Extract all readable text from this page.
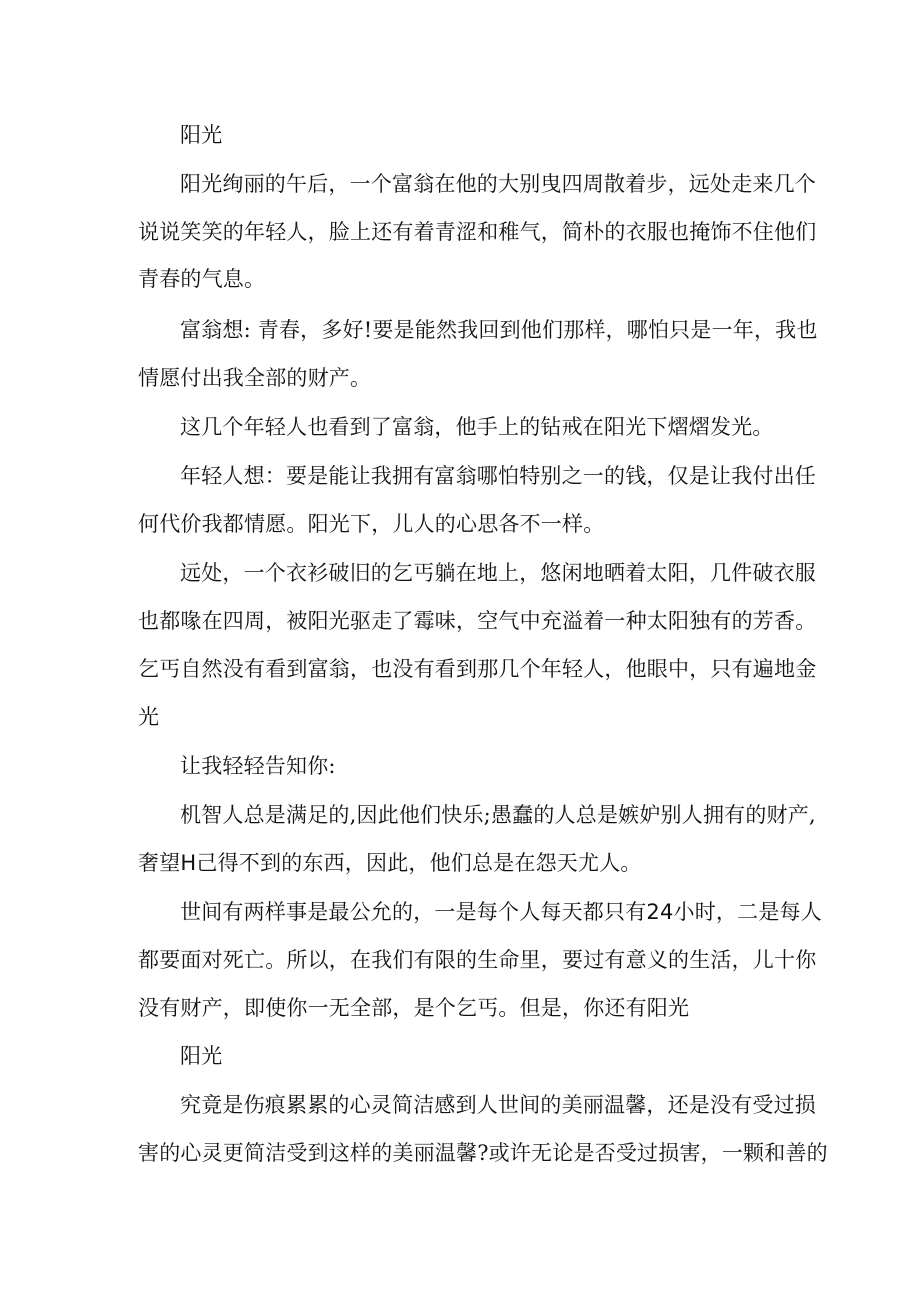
阳光
阳光绚丽的午后，一个富翁在他的大别曳四周散着步，远处走来几个
说说笑笑的年轻人，脸上还有着青涩和稚气，简朴的衣服也掩饰不住他们
青春的气息。
富翁想: 青春，多好!要是能然我回到他们那样，哪怕只是一年，我也
情愿付出我全部的财产。
这几个年轻人也看到了富翁，他手上的钻戒在阳光下熠熠发光。
年轻人想：要是能让我拥有富翁哪怕特别之一的钱，仅是让我付出任
何代价我都情愿。阳光下，儿人的心思各不一样。
远处，一个衣衫破旧的乞丐躺在地上，悠闲地晒着太阳，几件破衣服
也都喙在四周，被阳光驱走了霉味，空气中充溢着一种太阳独有的芳香。
乞丐自然没有看到富翁，也没有看到那几个年轻人，他眼中，只有遍地金
光
让我轻轻告知你:
机智人总是满足的,因此他们快乐;愚蠢的人总是嫉妒别人拥有的财产,
奢望H己得不到的东西，因此，他们总是在怨天尤人。
世间有两样事是最公允的，一是每个人每天都只有24小时，二是每人
都要面对死亡。所以，在我们有限的生命里，要过有意义的生活，儿十你
没有财产，即使你一无全部，是个乞丐。但是，你还有阳光
阳光
究竟是伤痕累累的心灵简洁感到人世间的美丽温馨，还是没有受过损
害的心灵更简洁受到这样的美丽温馨?或许无论是否受过损害，一颗和善的
